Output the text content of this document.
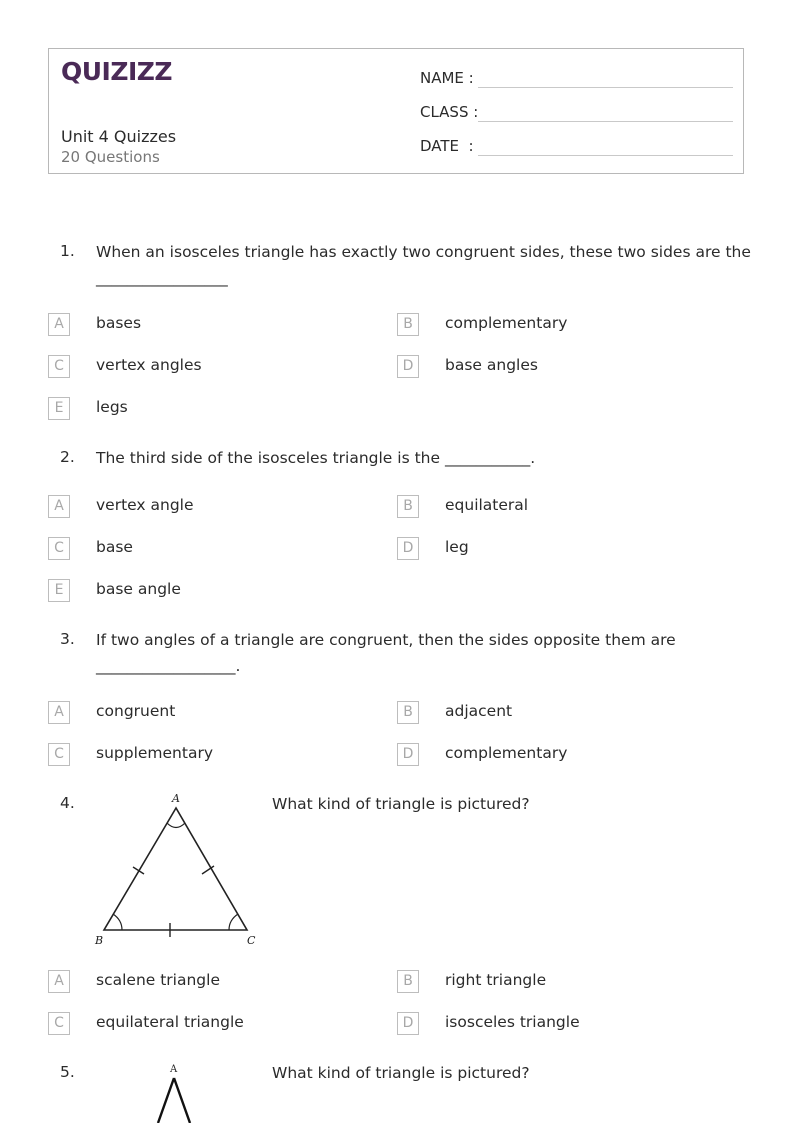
QUIZIZZ
Unit 4 Quizzes
20 Questions
NAME :
CLASS :
DATE  :
1. When an isosceles triangle has exactly two congruent sides, these two sides are the
_________________
A	bases	B	complementary
C	vertex angles	D	base angles
E	legs
2. The third side of the isosceles triangle is the ___________.
A	vertex angle	B	equilateral
C	base	D	leg
E	base angle
3. If two angles of a triangle are congruent, then the sides opposite them are
__________________.
A	congruent	B	adjacent
C	supplementary	D	complementary
4.	What kind of triangle is pictured?
A
B	C
A	scalene triangle	B	right triangle
C	equilateral triangle	D	isosceles triangle
5.	What kind of triangle is pictured?
A
